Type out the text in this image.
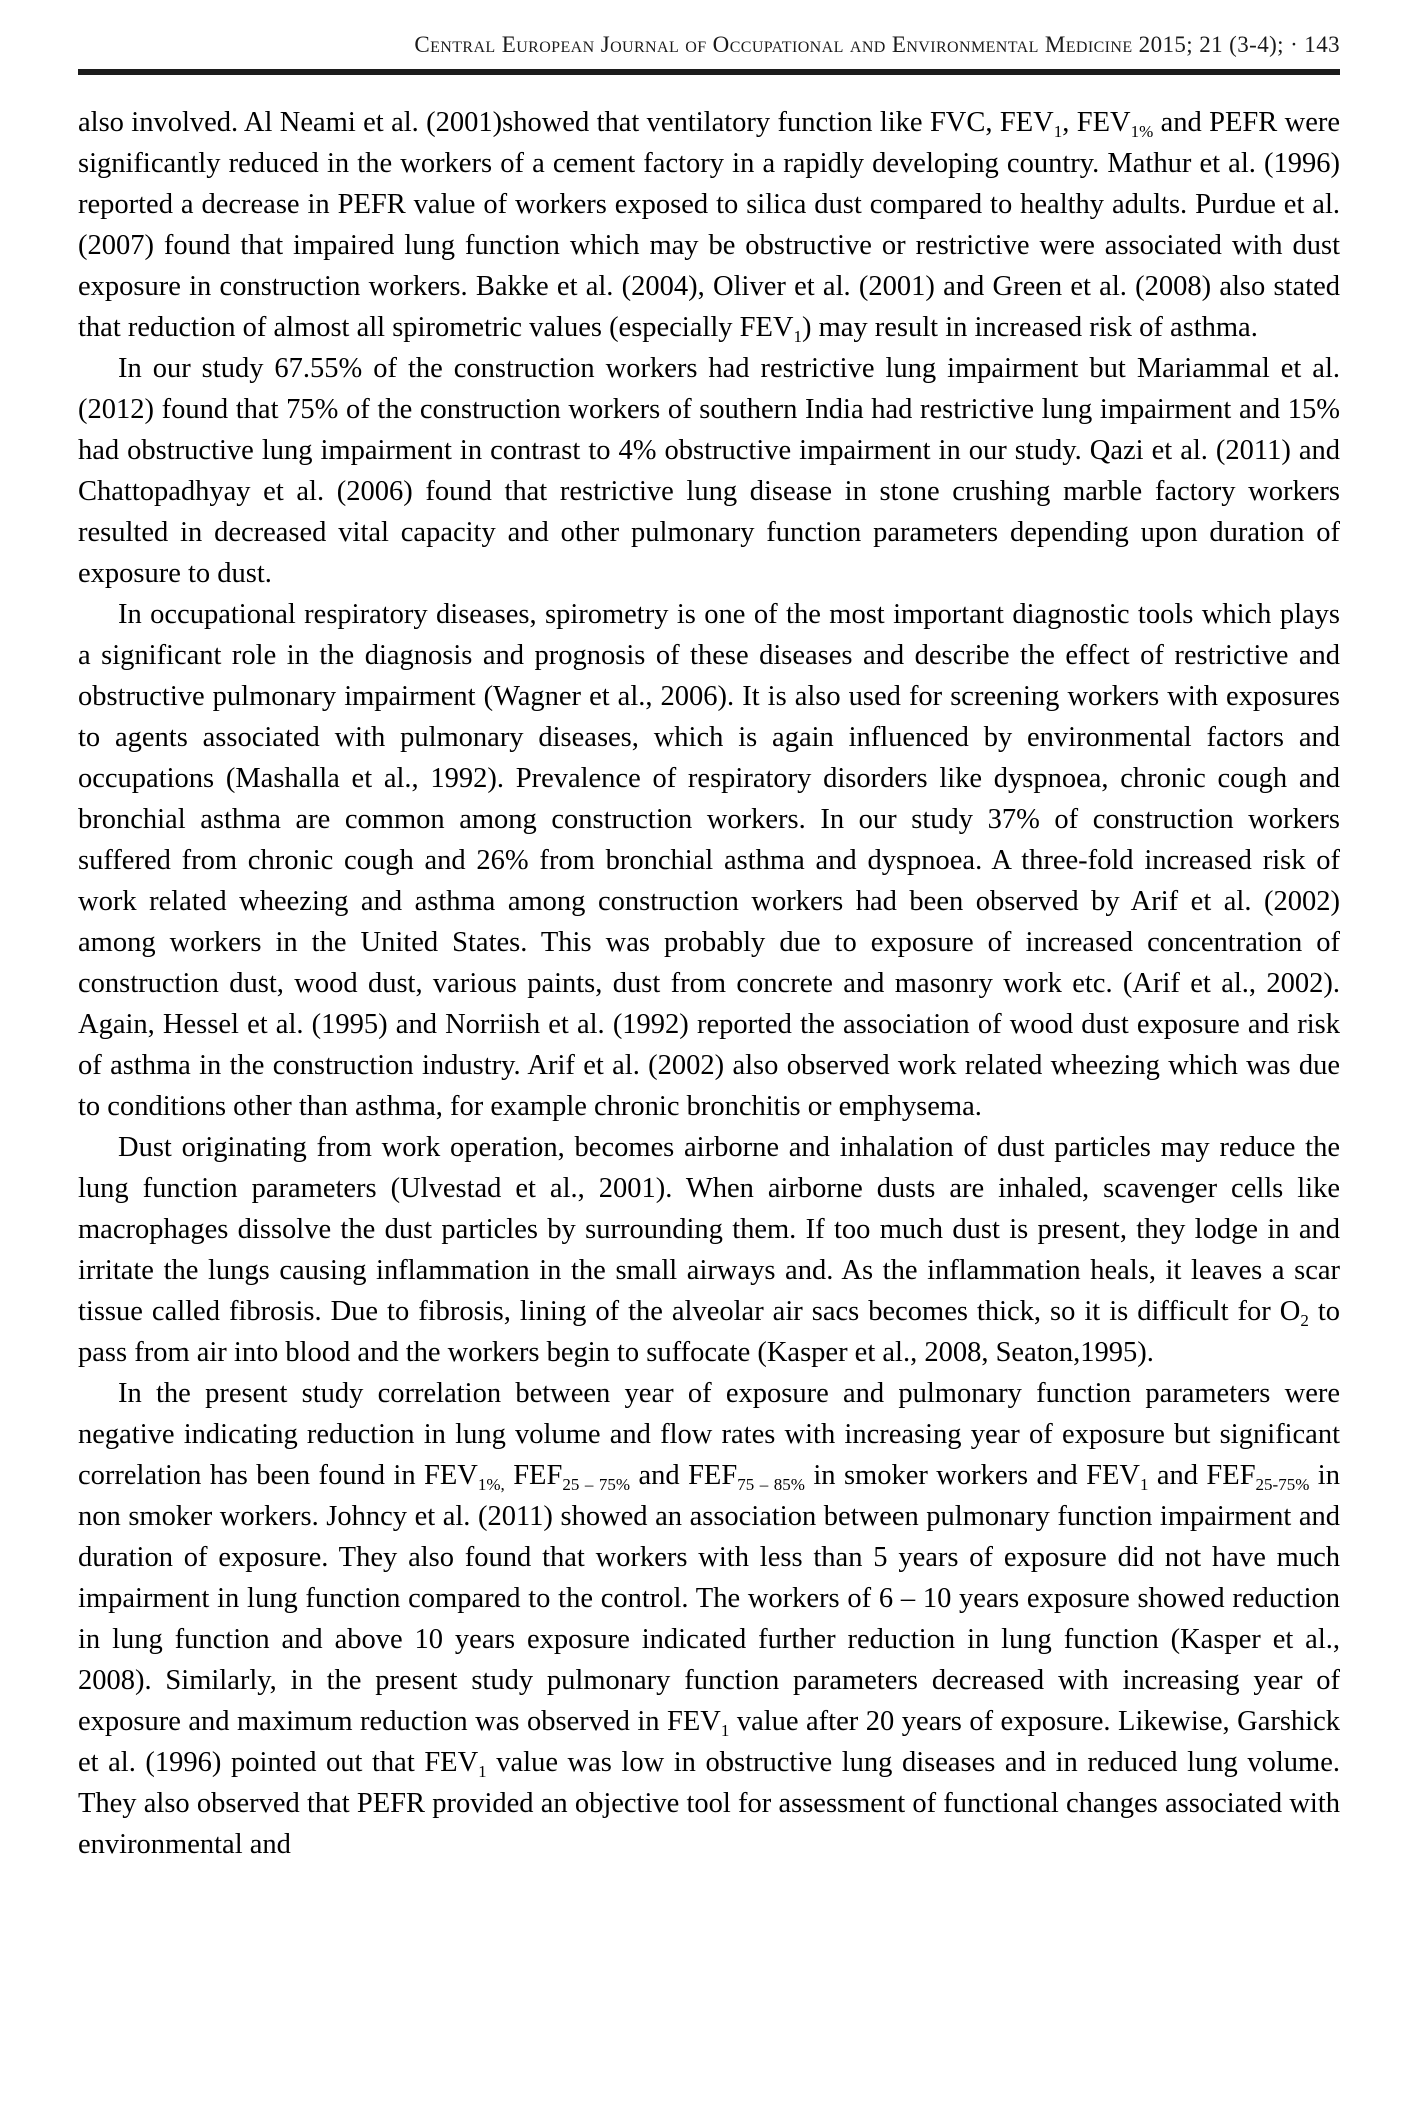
Central European Journal of Occupational and Environmental Medicine 2015; 21 (3-4); · 143

also involved. Al Neami et al. (2001)showed that ventilatory function like FVC, $FEV_1$, $FEV_{1\%}$ and PEFR were significantly reduced in the workers of a cement factory in a rapidly developing country. Mathur et al. (1996) reported a decrease in PEFR value of workers exposed to silica dust compared to healthy adults. Purdue et al. (2007) found that impaired lung function which may be obstructive or restrictive were associated with dust exposure in construction workers. Bakke et al. (2004), Oliver et al. (2001) and Green et al. (2008) also stated that reduction of almost all spirometric values (especially $FEV_1$) may result in increased risk of asthma.

In our study 67.55% of the construction workers had restrictive lung impairment but Mariammal et al. (2012) found that 75% of the construction workers of southern India had restrictive lung impairment and 15% had obstructive lung impairment in contrast to 4% obstructive impairment in our study. Qazi et al. (2011) and Chattopadhyay et al. (2006) found that restrictive lung disease in stone crushing marble factory workers resulted in decreased vital capacity and other pulmonary function parameters depending upon duration of exposure to dust.

In occupational respiratory diseases, spirometry is one of the most important diagnostic tools which plays a significant role in the diagnosis and prognosis of these diseases and describe the effect of restrictive and obstructive pulmonary impairment (Wagner et al., 2006). It is also used for screening workers with exposures to agents associated with pulmonary diseases, which is again influenced by environmental factors and occupations (Mashalla et al., 1992). Prevalence of respiratory disorders like dyspnoea, chronic cough and bronchial asthma are common among construction workers. In our study 37% of construction workers suffered from chronic cough and 26% from bronchial asthma and dyspnoea. A three-fold increased risk of work related wheezing and asthma among construction workers had been observed by Arif et al. (2002) among workers in the United States. This was probably due to exposure of increased concentration of construction dust, wood dust, various paints, dust from concrete and masonry work etc. (Arif et al., 2002). Again, Hessel et al. (1995) and Norriish et al. (1992) reported the association of wood dust exposure and risk of asthma in the construction industry. Arif et al. (2002) also observed work related wheezing which was due to conditions other than asthma, for example chronic bronchitis or emphysema.

Dust originating from work operation, becomes airborne and inhalation of dust particles may reduce the lung function parameters (Ulvestad et al., 2001). When airborne dusts are inhaled, scavenger cells like macrophages dissolve the dust particles by surrounding them. If too much dust is present, they lodge in and irritate the lungs causing inflammation in the small airways and. As the inflammation heals, it leaves a scar tissue called fibrosis. Due to fibrosis, lining of the alveolar air sacs becomes thick, so it is difficult for $O_2$ to pass from air into blood and the workers begin to suffocate (Kasper et al., 2008, Seaton,1995).

In the present study correlation between year of exposure and pulmonary function parameters were negative indicating reduction in lung volume and flow rates with increasing year of exposure but significant correlation has been found in $FEV_{1\%,}$ $FEF_{25 - 75\%}$ and $FEF_{75 - 85\%}$ in smoker workers and $FEV_1$ and $FEF_{25-75\%}$ in non smoker workers. Johncy et al. (2011) showed an association between pulmonary function impairment and duration of exposure. They also found that workers with less than 5 years of exposure did not have much impairment in lung function compared to the control. The workers of 6 – 10 years exposure showed reduction in lung function and above 10 years exposure indicated further reduction in lung function (Kasper et al., 2008). Similarly, in the present study pulmonary function parameters decreased with increasing year of exposure and maximum reduction was observed in $FEV_1$ value after 20 years of exposure. Likewise, Garshick et al. (1996) pointed out that $FEV_1$ value was low in obstructive lung diseases and in reduced lung volume. They also observed that PEFR provided an objective tool for assessment of functional changes associated with environmental and
